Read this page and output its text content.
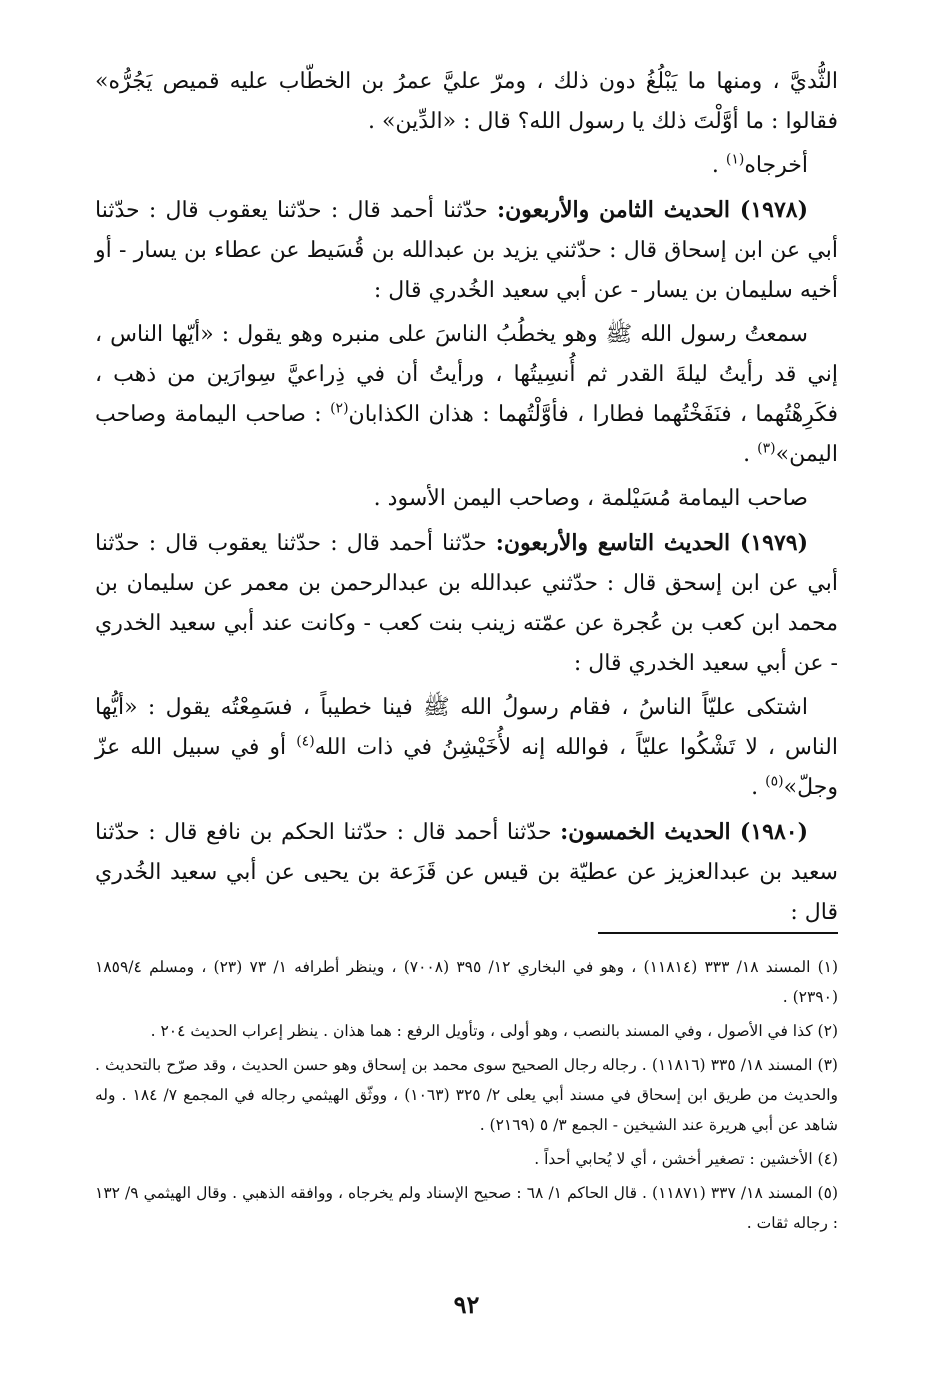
الثُّديَّ ، ومنها ما يَبْلُغُ دون ذلك ، ومرّ عليَّ عمرُ بن الخطّاب عليه قميص يَجُرُّه» فقالوا : ما أوَّلْتَ ذلك يا رسول الله؟ قال : «الدِّين» .

أخرجاه$^{(١)}$ .

(١٩٧٨) الحديث الثامن والأربعون: حدّثنا أحمد قال : حدّثنا يعقوب قال : حدّثنا أبي عن ابن إسحاق قال : حدّثني يزيد بن عبدالله بن قُسَيط عن عطاء بن يسار - أو أخيه سليمان بن يسار - عن أبي سعيد الخُدري قال :

سمعتُ رسول الله ﷺ وهو يخطُبُ الناسَ على منبره وهو يقول : «أيّها الناس ، إني قد رأيتُ ليلةَ القدر ثم أُنسِيتُها ، ورأيتُ أن في ذِراعيَّ سِوارَين من ذهب ، فكَرِهْتُهما ، فنَفَخْتُهما فطارا ، فأوَّلْتُهما : هذان الكذابان$^{(٢)}$ : صاحب اليمامة وصاحب اليمن»$^{(٣)}$ .

صاحب اليمامة مُسَيْلمة ، وصاحب اليمن الأسود .

(١٩٧٩) الحديث التاسع والأربعون: حدّثنا أحمد قال : حدّثنا يعقوب قال : حدّثنا أبي عن ابن إسحق قال : حدّثني عبدالله بن عبدالرحمن بن معمر عن سليمان بن محمد ابن كعب بن عُجرة عن عمّته زينب بنت كعب - وكانت عند أبي سعيد الخدري - عن أبي سعيد الخدري قال :

اشتكى عليّاً الناسُ ، فقام رسولُ الله ﷺ فينا خطيباً ، فسَمِعْتُه يقول : «أيُّها الناس ، لا تَشْكُوا عليّاً ، فوالله إنه لأُخَيْشِنُ في ذات الله$^{(٤)}$ أو في سبيل الله عزّ وجلّ»$^{(٥)}$ .

(١٩٨٠) الحديث الخمسون: حدّثنا أحمد قال : حدّثنا الحكم بن نافع قال : حدّثنا سعيد بن عبدالعزيز عن عطيّة بن قيس عن قَزَعة بن يحيى عن أبي سعيد الخُدري قال :

(١) المسند ١٨/ ٣٣٣ (١١٨١٤) ، وهو في البخاري ١٢/ ٣٩٥ (٧٠٠٨) ، وينظر أطرافه ١/ ٧٣ (٢٣) ، ومسلم ١٨٥٩/٤ (٢٣٩٠) .

(٢) كذا في الأصول ، وفي المسند بالنصب ، وهو أولى ، وتأويل الرفع : هما هذان . ينظر إعراب الحديث ٢٠٤ .

(٣) المسند ١٨/ ٣٣٥ (١١٨١٦) . رجاله رجال الصحيح سوى محمد بن إسحاق وهو حسن الحديث ، وقد صرّح بالتحديث . والحديث من طريق ابن إسحاق في مسند أبي يعلى ٢/ ٣٢٥ (١٠٦٣) ، ووثّق الهيثمي رجاله في المجمع ٧/ ١٨٤ . وله شاهد عن أبي هريرة عند الشيخين - الجمع ٣/ ٥ (٢١٦٩) .

(٤) الأخشين : تصغير أخشن ، أي لا يُحابي أحداً .

(٥) المسند ١٨/ ٣٣٧ (١١٨٧١) . قال الحاكم ١/ ٦٨ : صحيح الإسناد ولم يخرجاه ، ووافقه الذهبي . وقال الهيثمي ٩/ ١٣٢ : رجاله ثقات .

٩٢
